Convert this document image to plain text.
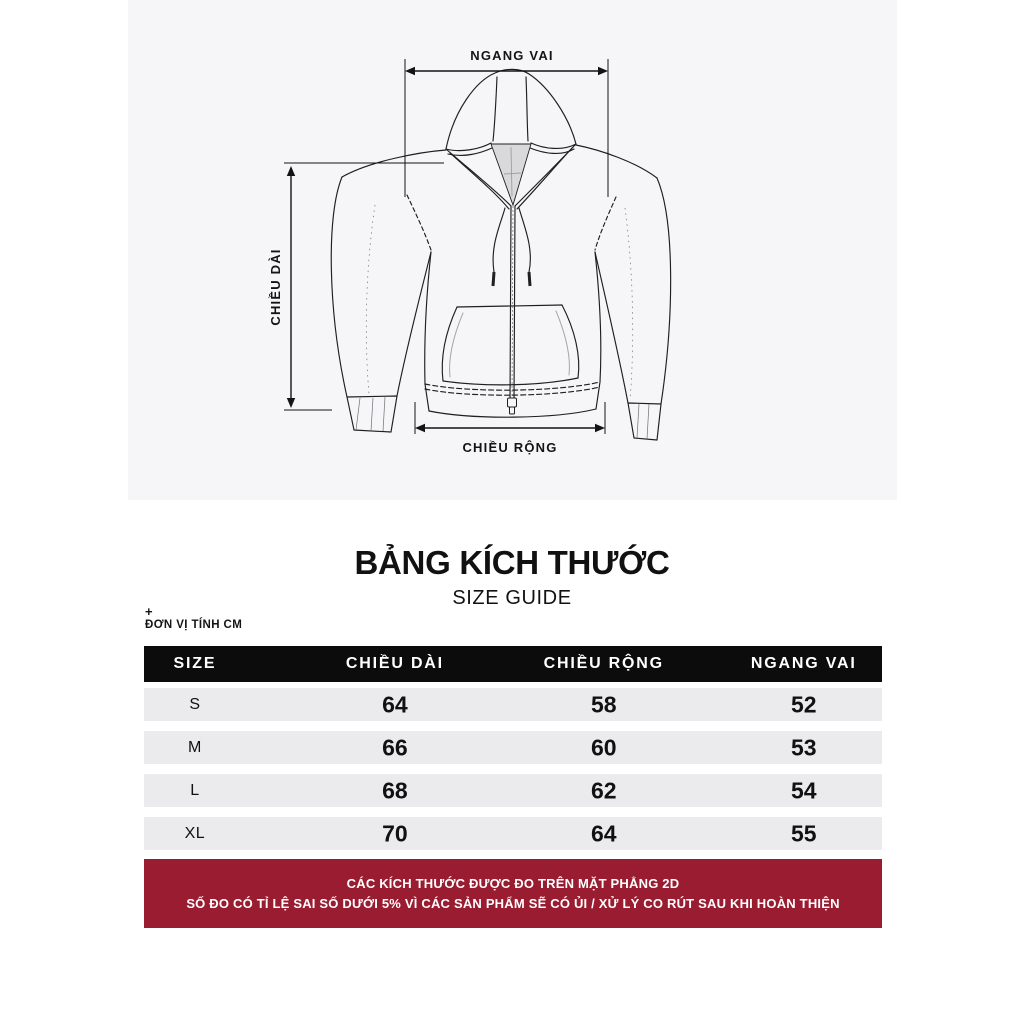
NGANG VAI
CHIỀU DÀI
CHIỀU RỘNG
BẢNG KÍCH THƯỚC
SIZE GUIDE
+
ĐƠN VỊ TÍNH CM
SIZE	CHIỀU DÀI	CHIỀU RỘNG	NGANG VAI
S	64	58	52
M	66	60	53
L	68	62	54
XL	70	64	55
CÁC KÍCH THƯỚC ĐƯỢC ĐO TRÊN MẶT PHẲNG 2D
SỐ ĐO CÓ TỈ LỆ SAI SỐ DƯỚI 5% VÌ CÁC SẢN PHẨM SẼ CÓ ỦI / XỬ LÝ CO RÚT SAU KHI HOÀN THIỆN
